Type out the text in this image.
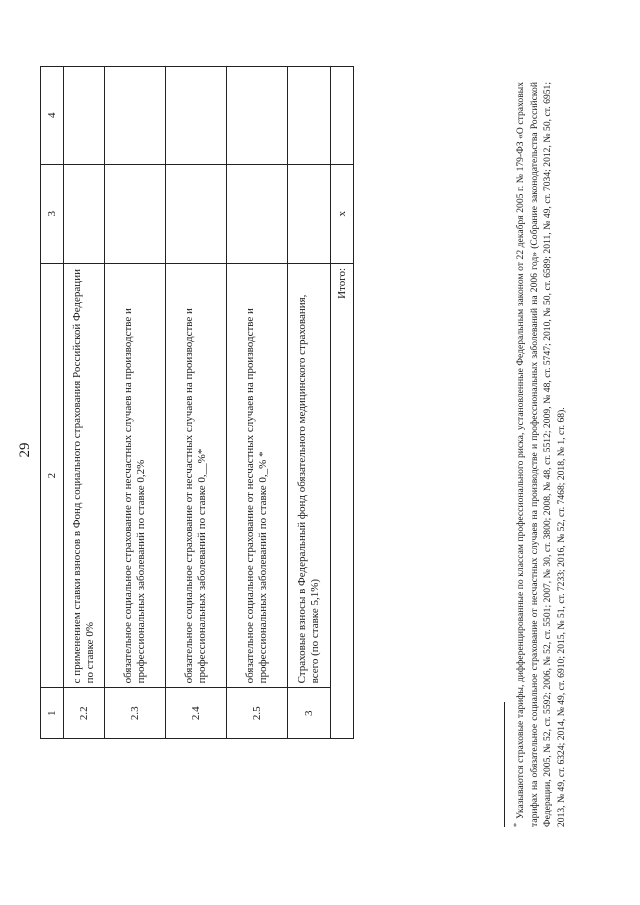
29
1	2	3	4
2.2	с применением ставки взносов в Фонд социального страхования Российской Федерации по ставке 0%		
2.3	обязательное социальное страхование от несчастных случаев на производстве и профессиональных заболеваний по ставке 0,2%		
2.4	обязательное социальное страхование от несчастных случаев на производстве и профессиональных заболеваний по ставке 0,__%*		
2.5	обязательное социальное страхование от несчастных случаев на производстве и профессиональных заболеваний по ставке 0,_% *		
3	Страховые взносы в Федеральный фонд обязательного медицинского страхования, всего (по ставке 5,1%)		
Итого:		x	
*Указываются страховые тарифы, дифференцированные по классам профессионального риска, установленные Федеральным законом от 22 декабря 2005 г. № 179-ФЗ «О страховых тарифах на обязательное социальное страхование от несчастных случаев на производстве и профессиональных заболеваний на 2006 год» (Собрание законодательства Российской Федерации, 2005, № 52, ст. 5592; 2006, № 52, ст. 5501; 2007, № 30, ст. 3800; 2008, № 48, ст. 5512; 2009, № 48, ст. 5747; 2010, № 50, ст. 6589; 2011, № 49, ст. 7034; 2012, № 50, ст. 6951; 2013, № 49, ст. 6324; 2014, № 49, ст. 6910; 2015, № 51, ст. 7233; 2016, № 52, ст. 7468; 2018, № 1, ст. 68).
